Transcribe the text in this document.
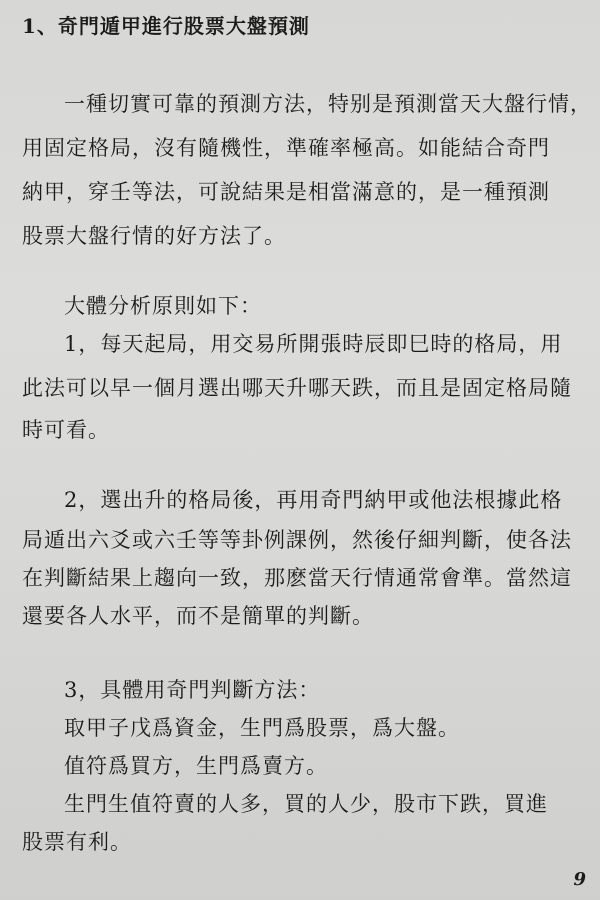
1、奇門遁甲進行股票大盤預測
一種切實可靠的預測方法，特别是預測當天大盤行情，
用固定格局，沒有隨機性，準確率極高。如能結合奇門
納甲，穿壬等法，可說結果是相當滿意的，是一種預測
股票大盤行情的好方法了。
大體分析原則如下：
1，每天起局，用交易所開張時辰即巳時的格局，用
此法可以早一個月選出哪天升哪天跌，而且是固定格局隨
時可看。
2，選出升的格局後，再用奇門納甲或他法根據此格
局遁出六爻或六壬等等卦例課例，然後仔細判斷，使各法
在判斷結果上趨向一致，那麽當天行情通常會準。當然這
還要各人水平，而不是簡單的判斷。
3，具體用奇門判斷方法：
取甲子戊爲資金，生門爲股票，爲大盤。
值符爲買方，生門爲賣方。
生門生值符賣的人多，買的人少，股市下跌，買進
股票有利。
9
